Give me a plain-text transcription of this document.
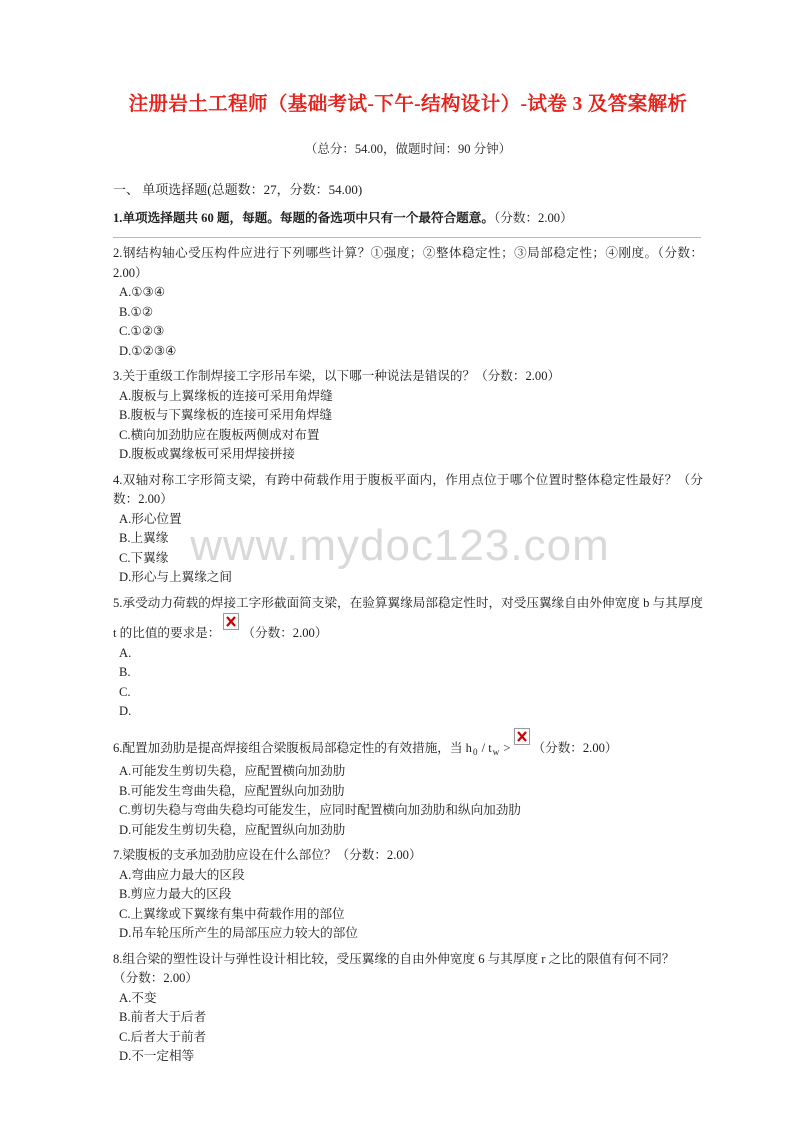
www.mydoc123.com
注册岩土工程师（基础考试-下午-结构设计）-试卷 3 及答案解析

（总分：54.00，做题时间：90 分钟）

一、 单项选择题(总题数：27，分数：54.00)

1.单项选择题共 60 题，每题。每题的备选项中只有一个最符合题意。（分数：2.00）

2.钢结构轴心受压构件应进行下列哪些计算？①强度；②整体稳定性；③局部稳定性；④刚度。（分数：2.00）

A.①③④
B.①②
C.①②③
D.①②③④

3.关于重级工作制焊接工字形吊车梁，以下哪一种说法是错误的？（分数：2.00）

A.腹板与上翼缘板的连接可采用角焊缝
B.腹板与下翼缘板的连接可采用角焊缝
C.横向加劲肋应在腹板两侧成对布置
D.腹板或翼缘板可采用焊接拼接

4.双轴对称工字形简支梁，有跨中荷载作用于腹板平面内，作用点位于哪个位置时整体稳定性最好？（分数：2.00）

A.形心位置
B.上翼缘
C.下翼缘
D.形心与上翼缘之间

5.承受动力荷载的焊接工字形截面简支梁，在验算翼缘局部稳定性时，对受压翼缘自由外伸宽度 b 与其厚度 t 的比值的要求是： （分数：2.00）

A.
B.
C.
D.

6.配置加劲肋是提高焊接组合梁腹板局部稳定性的有效措施，当 $h_0 / t_w$ > （分数：2.00）

A.可能发生剪切失稳，应配置横向加劲肋
B.可能发生弯曲失稳，应配置纵向加劲肋
C.剪切失稳与弯曲失稳均可能发生，应同时配置横向加劲肋和纵向加劲肋
D.可能发生剪切失稳，应配置纵向加劲肋

7.梁腹板的支承加劲肋应设在什么部位？（分数：2.00）

A.弯曲应力最大的区段
B.剪应力最大的区段
C.上翼缘或下翼缘有集中荷载作用的部位
D.吊车轮压所产生的局部压应力较大的部位

8.组合梁的塑性设计与弹性设计相比较，受压翼缘的自由外伸宽度 6 与其厚度 r 之比的限值有何不同？
（分数：2.00）

A.不变
B.前者大于后者
C.后者大于前者
D.不一定相等
